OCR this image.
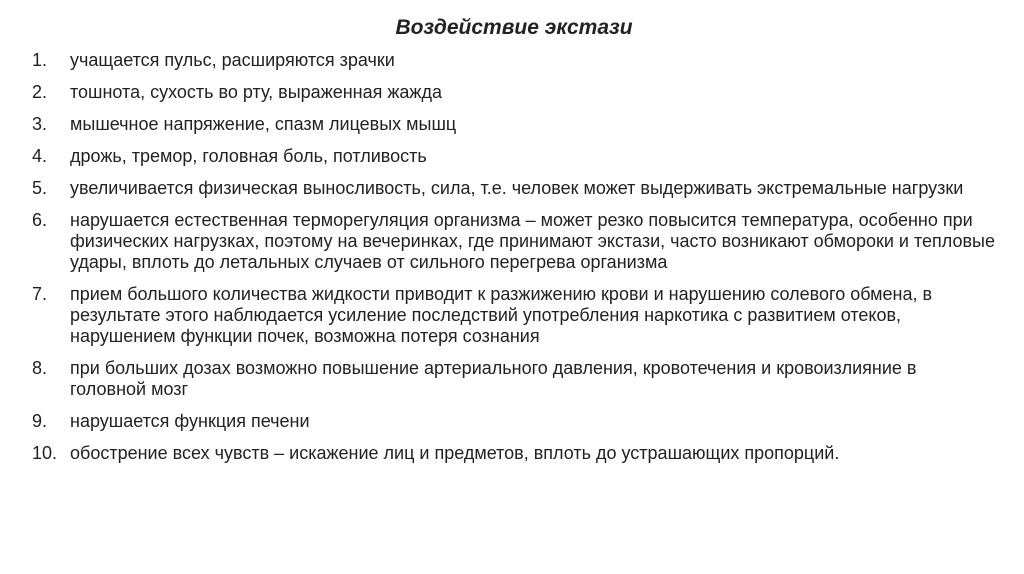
Воздействие экстази
1.	учащается пульс, расширяются зрачки
2.	тошнота, сухость во рту, выраженная жажда
3.	мышечное напряжение, спазм лицевых мышц
4.	дрожь, тремор, головная боль, потливость
5.	увеличивается физическая выносливость, сила, т.е. человек может выдерживать экстремальные нагрузки
6.	нарушается естественная терморегуляция организма – может резко повысится температура, особенно при физических нагрузках, поэтому на вечеринках, где принимают экстази, часто возникают обмороки и тепловые удары, вплоть до летальных случаев от сильного перегрева организма
7.	прием большого количества жидкости приводит к разжижению крови и нарушению солевого обмена, в результате этого наблюдается усиление последствий употребления наркотика с развитием отеков, нарушением функции почек, возможна потеря сознания
8.	при больших дозах возможно повышение артериального давления, кровотечения и кровоизлияние в головной мозг
9.	нарушается функция печени
10. обострение всех чувств – искажение лиц и предметов, вплоть до устрашающих пропорций.
